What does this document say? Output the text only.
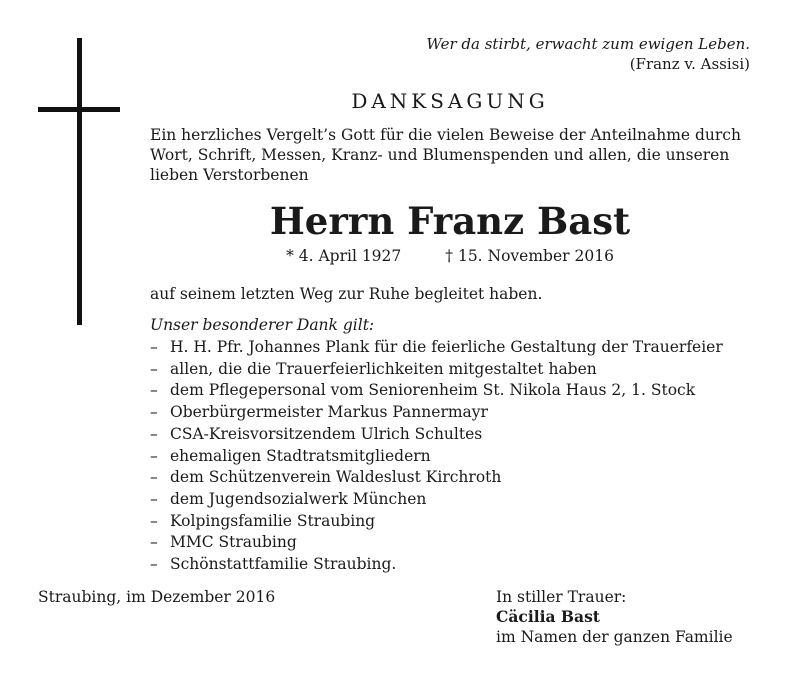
Wer da stirbt, erwacht zum ewigen Leben.
(Franz v. Assisi)
DANKSAGUNG
Ein herzliches Vergelt’s Gott für die vielen Beweise der Anteilnahme durch Wort, Schrift, Messen, Kranz- und Blumenspenden und allen, die unseren lieben Verstorbenen
Herrn Franz Bast
* 4. April 1927	† 15. November 2016
auf seinem letzten Weg zur Ruhe begleitet haben.
Unser besonderer Dank gilt:
– H. H. Pfr. Johannes Plank für die feierliche Gestaltung der Trauerfeier
– allen, die die Trauerfeierlichkeiten mitgestaltet haben
– dem Pflegepersonal vom Seniorenheim St. Nikola Haus 2, 1. Stock
– Oberbürgermeister Markus Pannermayr
– CSA-Kreisvorsitzendem Ulrich Schultes
– ehemaligen Stadtratsmitgliedern
– dem Schützenverein Waldeslust Kirchroth
– dem Jugendsozialwerk München
– Kolpingsfamilie Straubing
– MMC Straubing
– Schönstattfamilie Straubing.
Straubing, im Dezember 2016	In stiller Trauer:
Cäcilia Bast
im Namen der ganzen Familie
